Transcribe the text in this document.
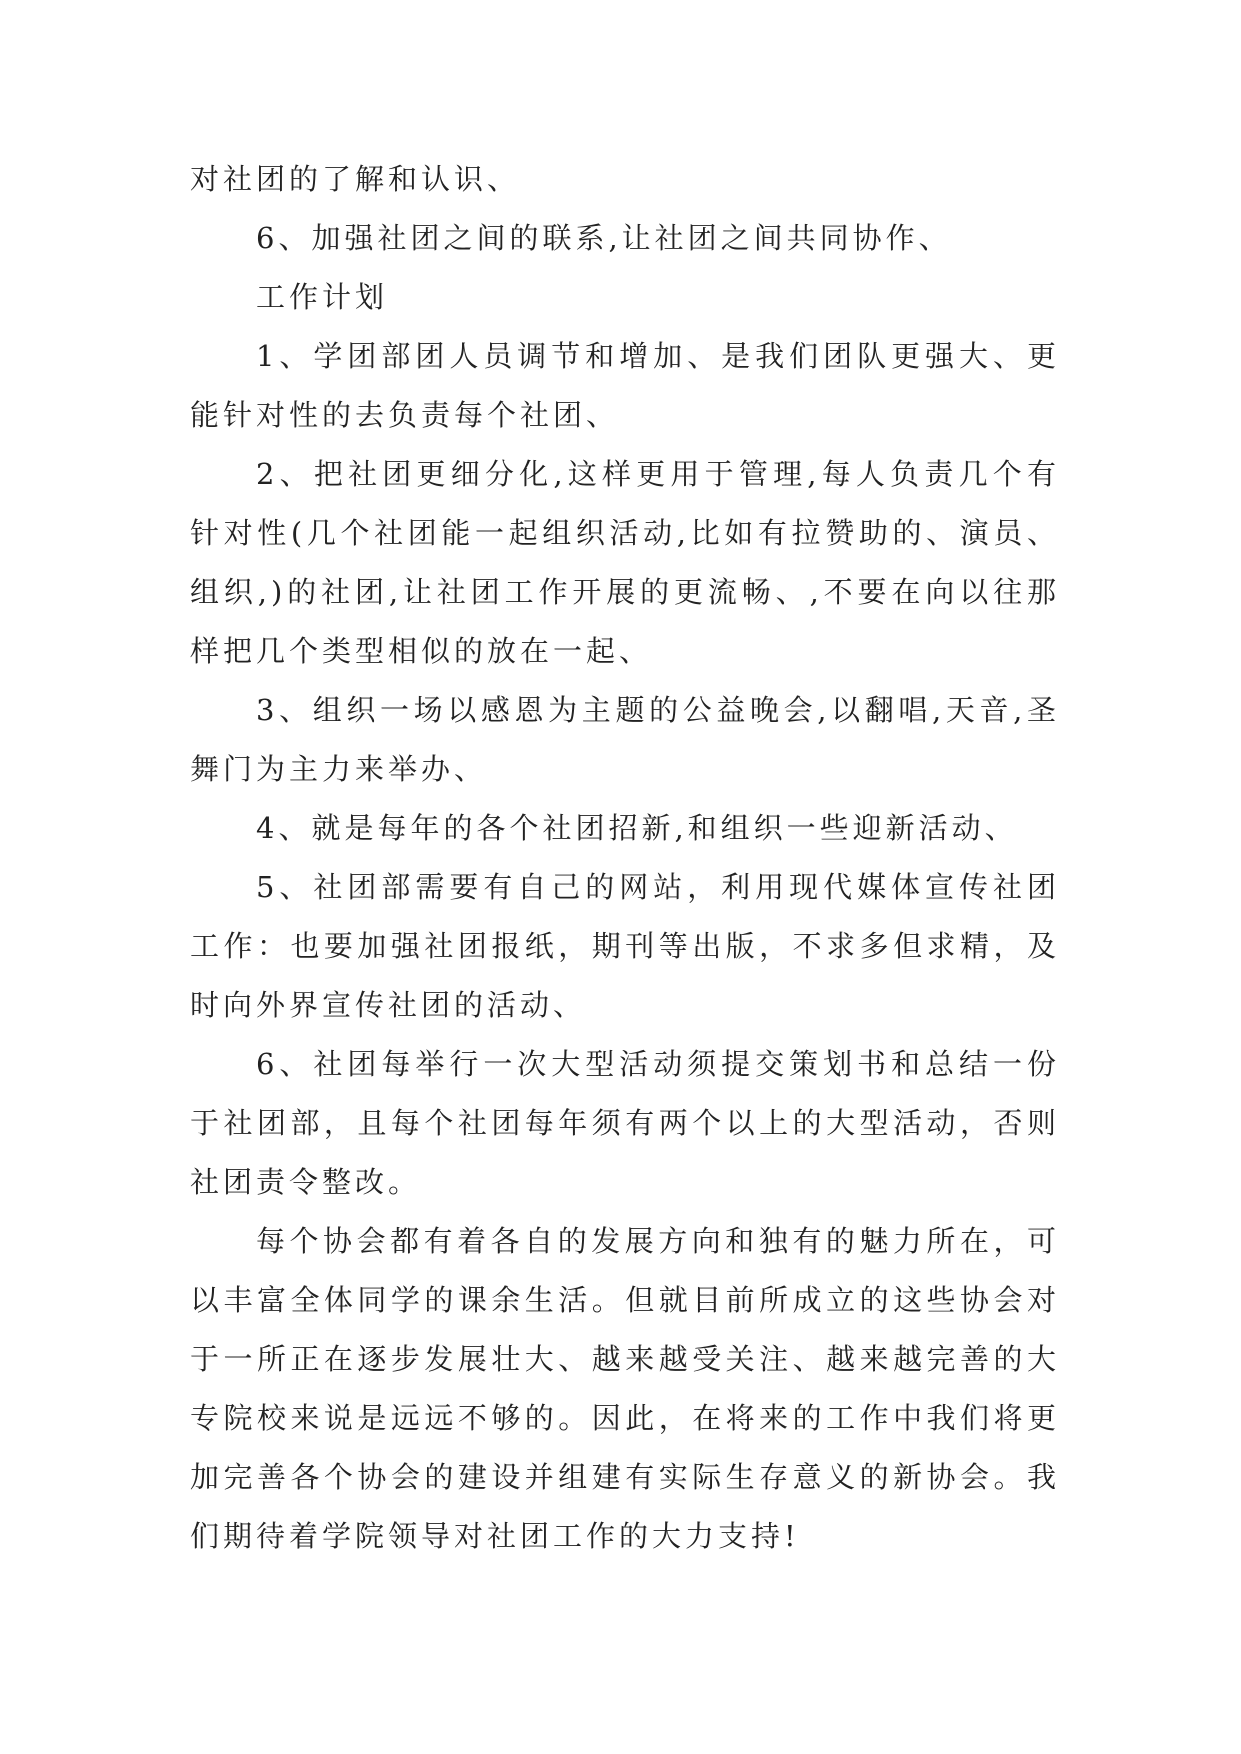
对社团的了解和认识、

6、加强社团之间的联系,让社团之间共同协作、

工作计划

1、学团部团人员调节和增加、是我们团队更强大、更能针对性的去负责每个社团、

2、把社团更细分化,这样更用于管理,每人负责几个有针对性(几个社团能一起组织活动,比如有拉赞助的、演员、组织,)的社团,让社团工作开展的更流畅、,不要在向以往那样把几个类型相似的放在一起、

3、组织一场以感恩为主题的公益晚会,以翻唱,天音,圣舞门为主力来举办、

4、就是每年的各个社团招新,和组织一些迎新活动、

5、社团部需要有自己的网站，利用现代媒体宣传社团工作：也要加强社团报纸，期刊等出版，不求多但求精，及时向外界宣传社团的活动、

6、社团每举行一次大型活动须提交策划书和总结一份于社团部，且每个社团每年须有两个以上的大型活动，否则社团责令整改。

每个协会都有着各自的发展方向和独有的魅力所在，可以丰富全体同学的课余生活。但就目前所成立的这些协会对于一所正在逐步发展壮大、越来越受关注、越来越完善的大专院校来说是远远不够的。因此，在将来的工作中我们将更加完善各个协会的建设并组建有实际生存意义的新协会。我们期待着学院领导对社团工作的大力支持!
